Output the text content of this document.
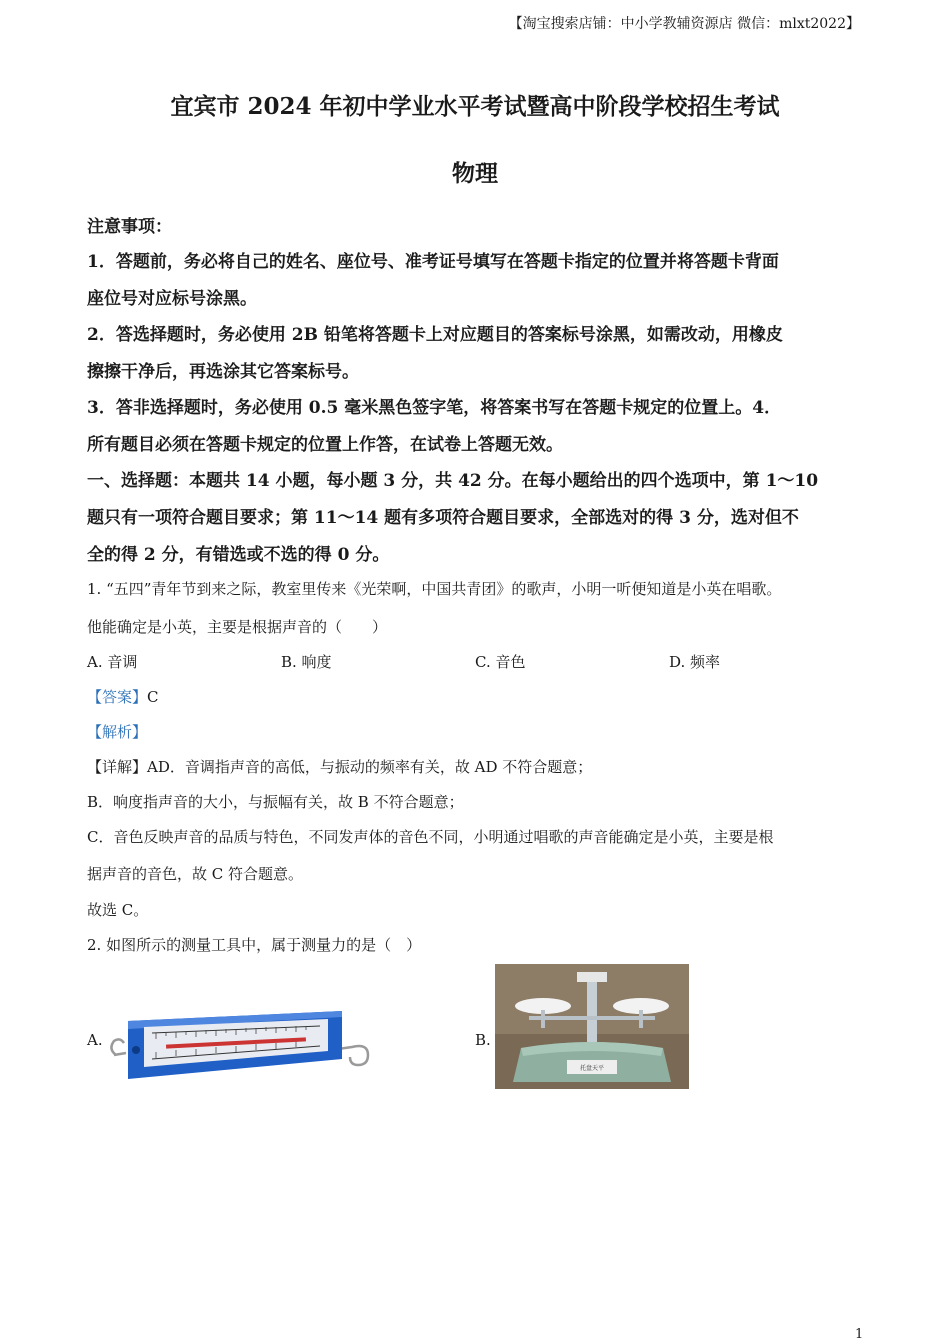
【淘宝搜索店铺：中小学教辅资源店 微信：mlxt2022】
宜宾市 2024 年初中学业水平考试暨高中阶段学校招生考试
物理
注意事项：
1．答题前，务必将自己的姓名、座位号、准考证号填写在答题卡指定的位置并将答题卡背面
座位号对应标号涂黑。
2．答选择题时，务必使用 2B 铅笔将答题卡上对应题目的答案标号涂黑，如需改动，用橡皮
擦擦干净后，再选涂其它答案标号。
3．答非选择题时，务必使用 0.5 毫米黑色签字笔，将答案书写在答题卡规定的位置上。4．
所有题目必须在答题卡规定的位置上作答，在试卷上答题无效。
一、选择题：本题共 14 小题，每小题 3 分，共 42 分。在每小题给出的四个选项中，第 1～10
题只有一项符合题目要求；第 11～14 题有多项符合题目要求，全部选对的得 3 分，选对但不
全的得 2 分，有错选或不选的得 0 分。
1. “五四”青年节到来之际，教室里传来《光荣啊，中国共青团》的歌声，小明一听便知道是小英在唱歌。
他能确定是小英，主要是根据声音的（　　）
A. 音调	B. 响度	C. 音色	D. 频率
【答案】C
【解析】
【详解】AD．音调指声音的高低，与振动的频率有关，故 AD 不符合题意；
B．响度指声音的大小，与振幅有关，故 B 不符合题意；
C．音色反映声音的品质与特色，不同发声体的音色不同，小明通过唱歌的声音能确定是小英，主要是根
据声音的音色，故 C 符合题意。
故选 C。
2. 如图所示的测量工具中，属于测量力的是（　）
A.	B.
托盘天平
1
